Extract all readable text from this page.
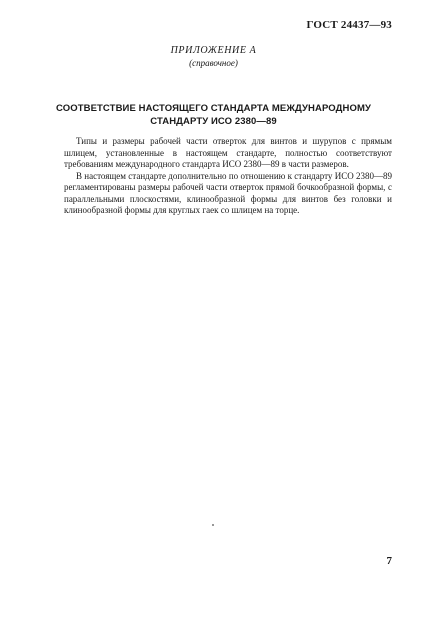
ГОСТ 24437—93
ПРИЛОЖЕНИЕ А
(справочное)
СООТВЕТСТВИЕ НАСТОЯЩЕГО СТАНДАРТА МЕЖДУНАРОДНОМУ
СТАНДАРТУ ИСО 2380—89

Типы и размеры рабочей части отверток для винтов и шурупов с прямым шлицем, установленные в настоящем стандарте, полностью соответствуют требованиям международного стандарта ИСО 2380—89 в части размеров.

В настоящем стандарте дополнительно по отношению к стандарту ИСО 2380—89 регламентированы размеры рабочей части отверток прямой бочкообразной формы, с параллельными плоскостями, клинообразной формы для винтов без головки и клинообразной формы для круглых гаек со шлицем на торце.

7
